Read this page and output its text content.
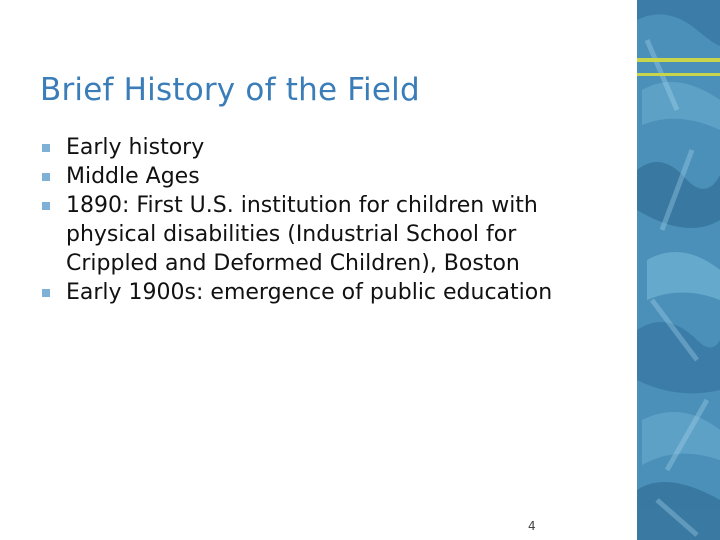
Brief History of the Field
Early history
Middle Ages
1890: First U.S. institution for children with physical disabilities (Industrial School for Crippled and Deformed Children), Boston
Early 1900s: emergence of public education
4
